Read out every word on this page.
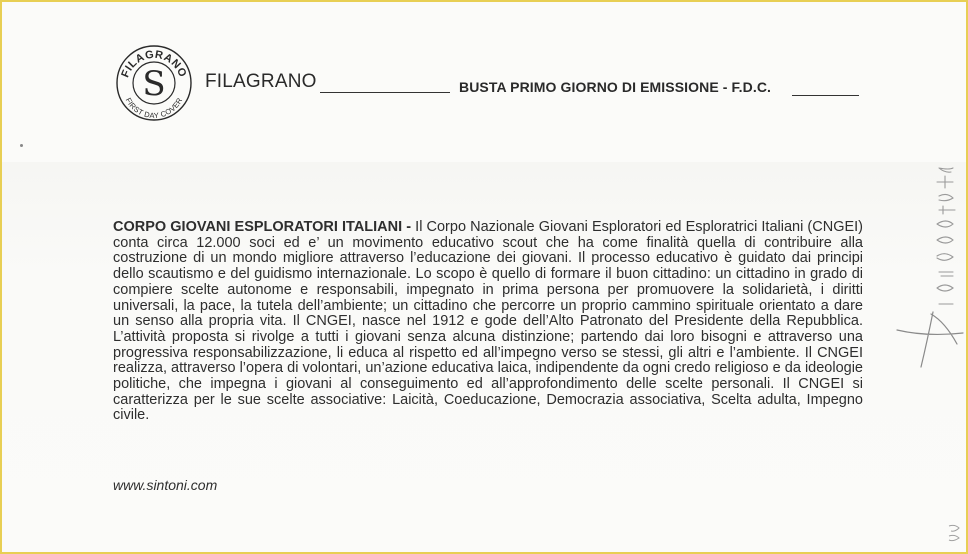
FILAGRANO
FIRST DAY COVER
S FILAGRANO	BUSTA PRIMO GIORNO DI EMISSIONE - F.D.C.

CORPO GIOVANI ESPLORATORI ITALIANI - Il Corpo Nazionale Giovani Esploratori ed Esploratrici Italiani (CNGEI) conta circa 12.000 soci ed e’ un movimento educativo scout che ha come finalità quella di contribuire alla costruzione di un mondo migliore attraverso l’educazione dei giovani. Il processo educativo è guidato dai principi dello scautismo e del guidismo internazionale. Lo scopo è quello di formare il buon cittadino: un cittadino in grado di compiere scelte autonome e responsabili, impegnato in prima persona per promuovere la solidarietà, i diritti universali, la pace, la tutela dell’ambiente; un cittadino che percorre un proprio cammino spirituale orientato a dare un senso alla propria vita. Il CNGEI, nasce nel 1912 e gode dell’Alto Patronato del Presidente della Repubblica. L’attività proposta si rivolge a tutti i giovani senza alcuna distinzione; partendo dai loro bisogni e attraverso una progressiva responsabilizzazione, li educa al rispetto ed all’impegno verso se stessi, gli altri e l’ambiente. Il CNGEI realizza, attraverso l’opera di volontari, un’azione educativa laica, indipendente da ogni credo religioso e da ideologie politiche, che impegna i giovani al conseguimento ed all’approfondimento delle scelte personali. Il CNGEI si caratterizza per le sue scelte associative: Laicità, Coeducazione, Democrazia associativa, Scelta adulta, Impegno civile.

www.sintoni.com
